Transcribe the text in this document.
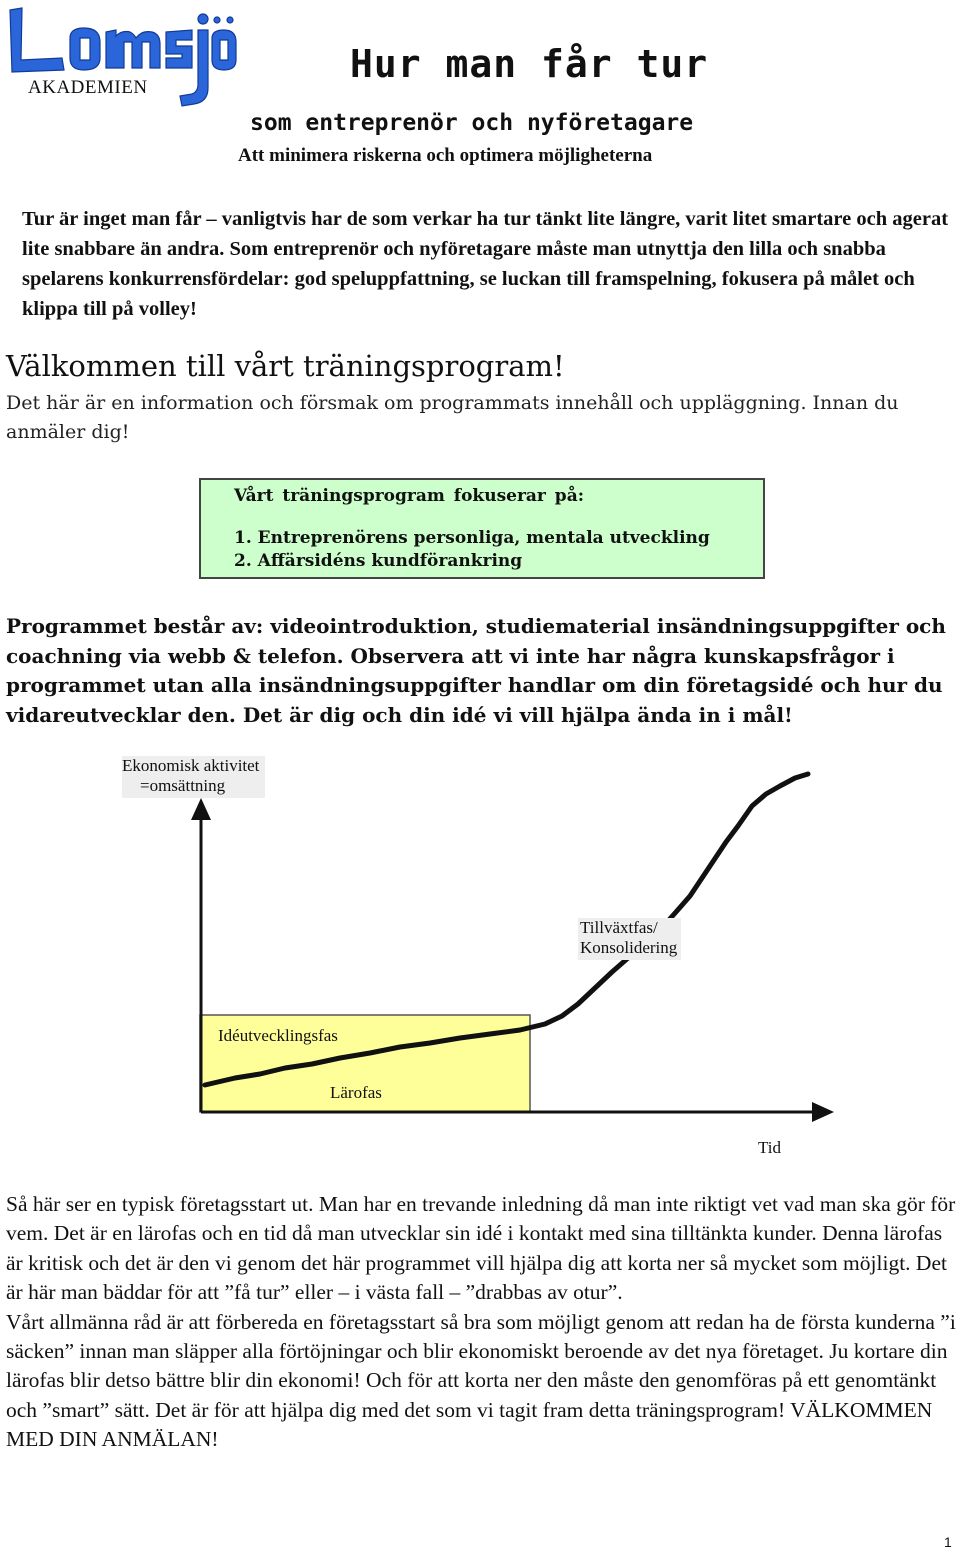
AKADEMIEN
Hur man får tur
som entreprenör och nyföretagare
Att minimera riskerna och optimera möjligheterna
Tur är inget man får – vanligtvis har de som verkar ha tur tänkt lite längre, varit litet smartare och agerat lite snabbare än andra. Som entreprenör och nyföretagare måste man utnyttja den lilla och snabba spelarens konkurrensfördelar: god speluppfattning, se luckan till framspelning, fokusera på målet och klippa till på volley!
Välkommen till vårt träningsprogram!
Det här är en information och försmak om programmats innehåll och uppläggning. Innan du anmäler dig!
Vårt träningsprogram fokuserar på:
1. Entreprenörens personliga, mentala utveckling
2. Affärsidéns kundförankring
Programmet består av: videointroduktion, studiematerial insändningsuppgifter och coachning via webb & telefon. Observera att vi inte har några kunskapsfrågor i programmet utan alla insändningsuppgifter handlar om din företagsidé och hur du vidareutvecklar den. Det är dig och din idé vi vill hjälpa ända in i mål!
Ekonomisk aktivitet
=omsättning
Tillväxtfas/
Konsolidering
Idéutvecklingsfas
Lärofas
Tid
Så här ser en typisk företagsstart ut. Man har en trevande inledning då man inte riktigt vet vad man ska gör för vem. Det är en lärofas och en tid då man utvecklar sin idé i kontakt med sina tilltänkta kunder. Denna lärofas är kritisk och det är den vi genom det här programmet vill hjälpa dig att korta ner så mycket som möjligt. Det är här man bäddar för att ”få tur” eller – i västa fall – ”drabbas av otur”.
Vårt allmänna råd är att förbereda en företagsstart så bra som möjligt genom att redan ha de första kunderna ”i säcken” innan man släpper alla förtöjningar och blir ekonomiskt beroende av det nya företaget. Ju kortare din lärofas blir detso bättre blir din ekonomi! Och för att korta ner den måste den genomföras på ett genomtänkt och ”smart” sätt. Det är för att hjälpa dig med det som vi tagit fram detta träningsprogram! VÄLKOMMEN MED DIN ANMÄLAN!
1
